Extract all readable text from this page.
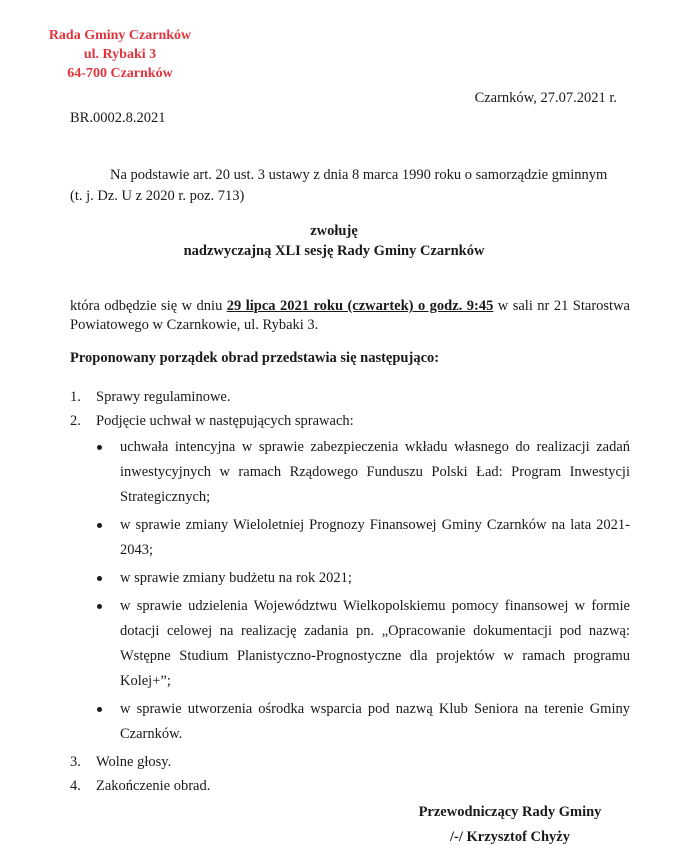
Rada Gminy Czarnków
ul. Rybaki 3
64-700 Czarnków
Czarnków, 27.07.2021 r.
BR.0002.8.2021
Na podstawie art. 20 ust. 3 ustawy z dnia 8 marca 1990 roku o samorządzie gminnym
(t. j. Dz. U z 2020 r. poz. 713)
zwołuję
nadzwyczajną XLI sesję Rady Gminy Czarnków
która odbędzie się w dniu 29 lipca 2021 roku (czwartek) o godz. 9:45 w sali nr 21 Starostwa Powiatowego w Czarnkowie, ul. Rybaki 3.
Proponowany porządek obrad przedstawia się następująco:
1. Sprawy regulaminowe.
2. Podjęcie uchwał w następujących sprawach:
uchwała intencyjna w sprawie zabezpieczenia wkładu własnego do realizacji zadań inwestycyjnych w ramach Rządowego Funduszu Polski Ład: Program Inwestycji Strategicznych;
w sprawie zmiany Wieloletniej Prognozy Finansowej Gminy Czarnków na lata 2021-2043;
w sprawie zmiany budżetu na rok 2021;
w sprawie udzielenia Województwu Wielkopolskiemu pomocy finansowej w formie dotacji celowej na realizację zadania pn. „Opracowanie dokumentacji pod nazwą: Wstępne Studium Planistyczno-Prognostyczne dla projektów w ramach programu Kolej+”;
w sprawie utworzenia ośrodka wsparcia pod nazwą Klub Seniora na terenie Gminy Czarnków.
3. Wolne głosy.
4. Zakończenie obrad.
Przewodniczący Rady Gminy
/-/ Krzysztof Chyży
